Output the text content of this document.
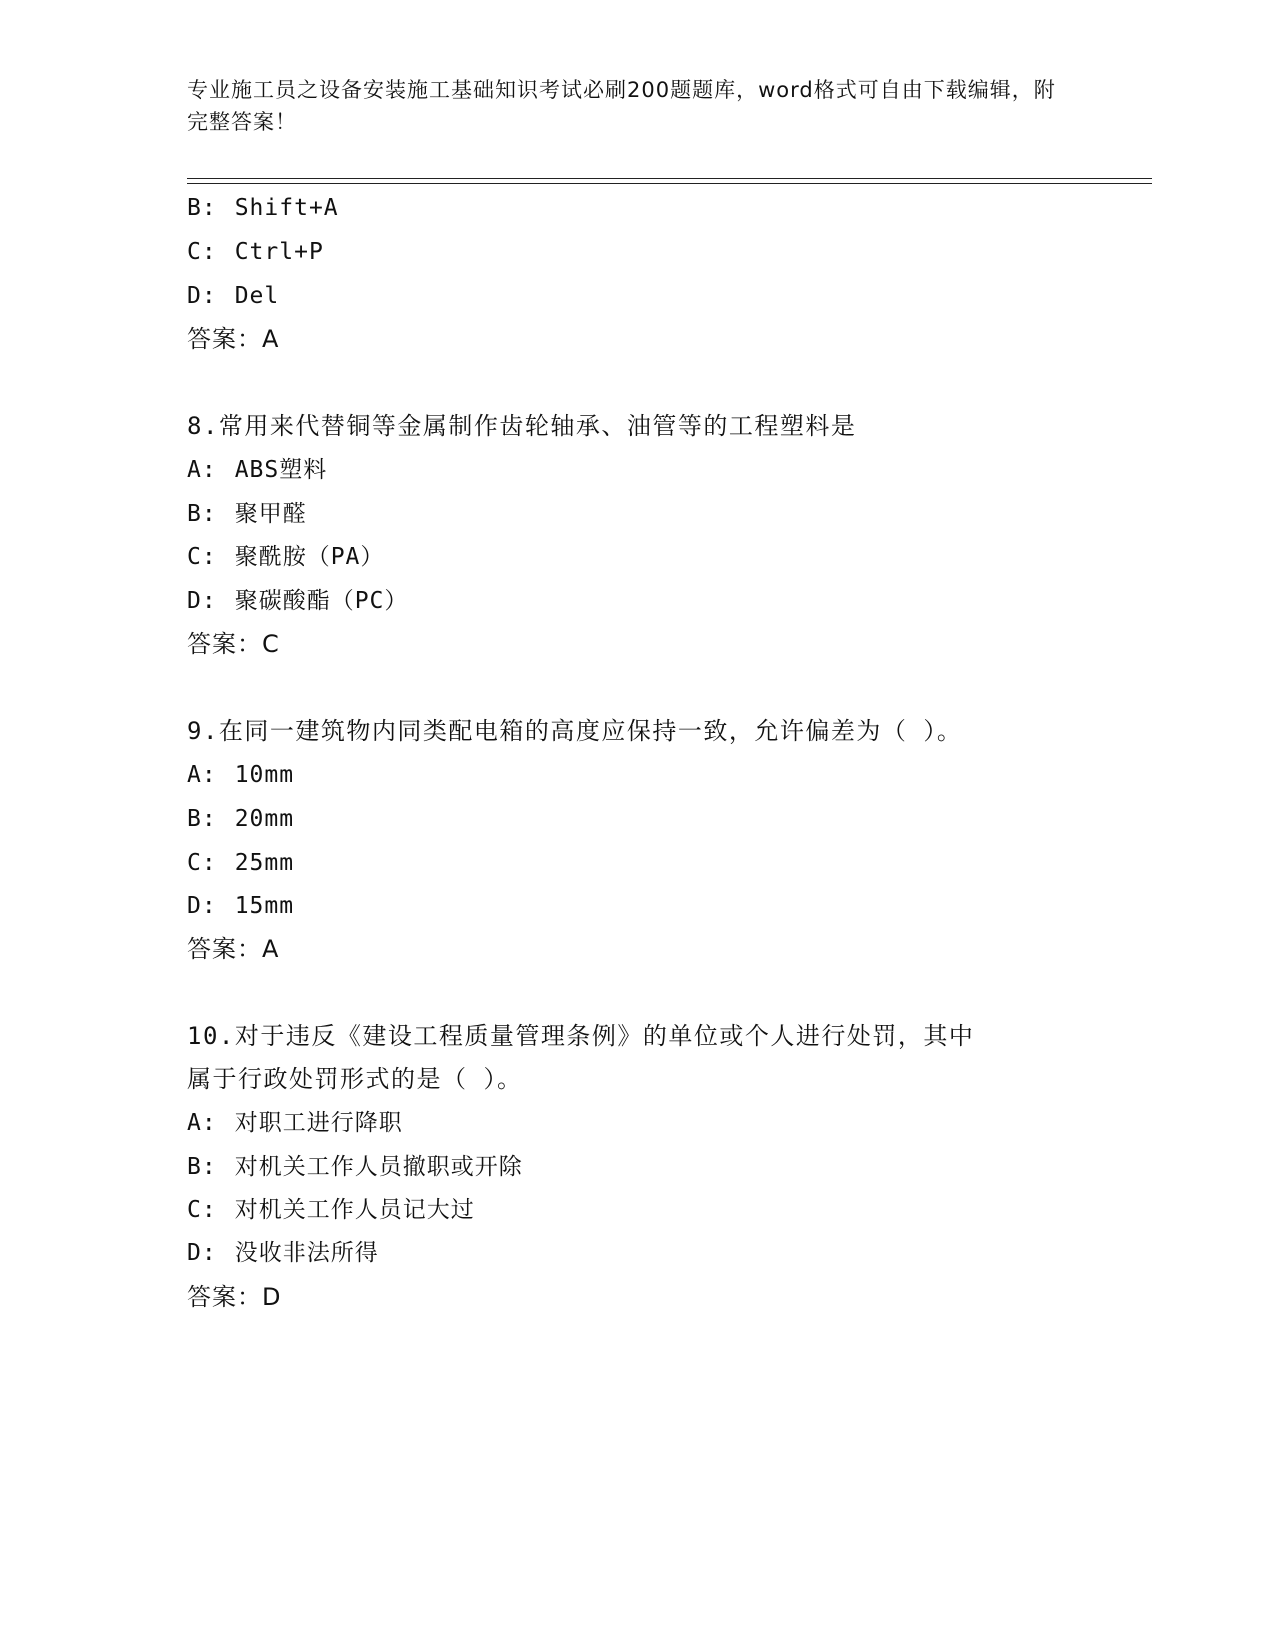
专业施工员之设备安装施工基础知识考试必刷200题题库，word格式可自由下载编辑，附完整答案！
B: Shift+A
C: Ctrl+P
D: Del
答案：A
8.常用来代替铜等金属制作齿轮轴承、油管等的工程塑料是
A: ABS塑料
B: 聚甲醛
C: 聚酰胺（PA）
D: 聚碳酸酯（PC）
答案：C
9.在同一建筑物内同类配电箱的高度应保持一致，允许偏差为（ ）。
A: 10mm
B: 20mm
C: 25mm
D: 15mm
答案：A
10.对于违反《建设工程质量管理条例》的单位或个人进行处罚，其中
属于行政处罚形式的是（ ）。
A: 对职工进行降职
B: 对机关工作人员撤职或开除
C: 对机关工作人员记大过
D: 没收非法所得
答案：D
